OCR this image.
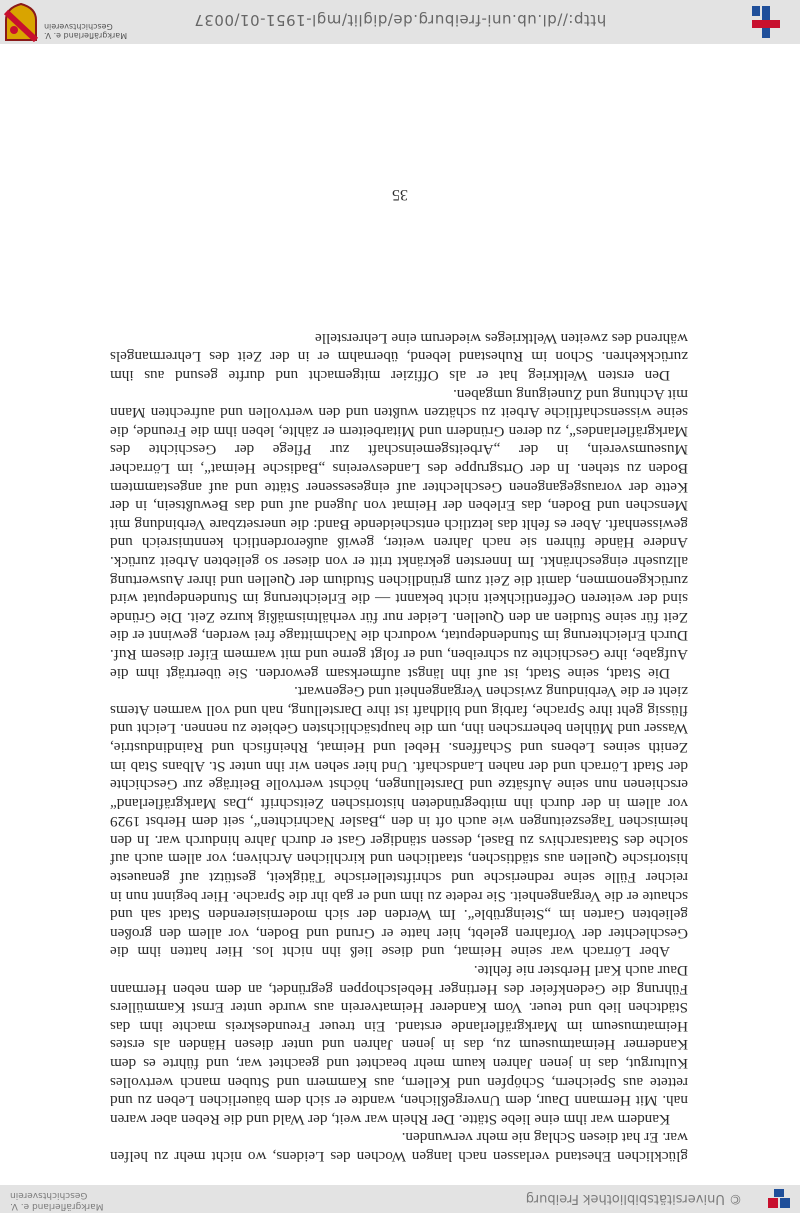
© Universitätsbibliothek Freiburg
Markgräflerland e. V.
Geschichtsverein

glücklichen Ehestand verlassen nach langen Wochen des Leidens, wo nicht mehr zu helfen war. Er hat diesen Schlag nie mehr verwunden.

Kandern war ihm eine liebe Stätte. Der Rhein war weit, der Wald und die Reben aber waren nah. Mit Hermann Daur, dem Unvergeßlichen, wandte er sich dem bäuerlichen Leben zu und rettete aus Speichern, Schöpfen und Kellern, aus Kammern und Stuben manch wertvolles Kulturgut, das in jenen Jahren kaum mehr beachtet und geachtet war, und führte es dem Kanderner Heimatmuseum zu, das in jenen Jahren und unter diesen Händen als erstes Heimatmuseum im Markgräflerlande erstand. Ein treuer Freundeskreis machte ihm das Städtchen lieb und teuer. Vom Kanderer Heimatverein aus wurde unter Ernst Kammüllers Führung die Gedenkfeier des Hertinger Hebelschoppen gegründet, an dem neben Hermann Daur auch Karl Herbster nie fehlte.

Aber Lörrach war seine Heimat, und diese ließ ihn nicht los. Hier hatten ihm die Geschlechter der Vorfahren gelebt, hier hatte er Grund und Boden, vor allem den großen geliebten Garten im „Steingrüble“. Im Werden der sich modernisierenden Stadt sah und schaute er die Vergangenheit. Sie redete zu ihm und er gab ihr die Sprache. Hier beginnt nun in reicher Fülle seine rednerische und schriftstellerische Tätigkeit, gestützt auf genaueste historische Quellen aus städtischen, staatlichen und kirchlichen Archiven; vor allem auch auf solche des Staatsarchivs zu Basel, dessen ständiger Gast er durch Jahre hindurch war. In den heimischen Tageszeitungen wie auch oft in den „Basler Nachrichten“, seit dem Herbst 1929 vor allem in der durch ihn mitbegründeten historischen Zeitschrift „Das Markgräflerland“ erschienen nun seine Aufsätze und Darstellungen, höchst wertvolle Beiträge zur Geschichte der Stadt Lörrach und der nahen Landschaft. Und hier sehen wir ihn unter St. Albans Stab im Zenith seines Lebens und Schaffens. Hebel und Heimat, Rheinfisch und Raindindustrie, Wasser und Mühlen beherrschen ihn, um die hauptsächlichsten Gebiete zu nennen. Leicht und flüssig geht ihre Sprache, farbig und bildhaft ist ihre Darstellung, nah und voll warmen Atems zieht er die Verbindung zwischen Vergangenheit und Gegenwart.

Die Stadt, seine Stadt, ist auf ihn längst aufmerksam geworden. Sie überträgt ihm die Aufgabe, ihre Geschichte zu schreiben, und er folgt gerne und mit warmem Eifer diesem Ruf. Durch Erleichterung im Stundendeputat, wodurch die Nachmittage frei werden, gewinnt er die Zeit für seine Studien an den Quellen. Leider nur für verhältnismäßig kurze Zeit. Die Gründe sind der weiteren Oeffentlichkeit nicht bekannt — die Erleichterung im Stundendeputat wird zurückgenommen, damit die Zeit zum gründlichen Studium der Quellen und ihrer Auswertung allzusehr eingeschränkt. Im Innersten gekränkt tritt er von dieser so geliebten Arbeit zurück. Andere Hände führen sie nach Jahren weiter, gewiß außerordentlich kenntnisreich und gewissenhaft. Aber es fehlt das letztlich entscheidende Band: die unersetzbare Verbindung mit Menschen und Boden, das Erleben der Heimat von Jugend auf und das Bewußtsein, in der Kette der vorausgegangenen Geschlechter auf eingesessener Stätte und auf angestammtem Boden zu stehen. In der Ortsgruppe des Landesvereins „Badische Heimat“, im Lörracher Museumsverein, in der „Arbeitsgemeinschaft zur Pflege der Geschichte des Markgräflerlandes“, zu deren Gründern und Mitarbeitern er zählte, leben ihm die Freunde, die seine wissenschaftliche Arbeit zu schätzen wußten und den wertvollen und aufrechten Mann mit Achtung und Zuneigung umgaben.

Den ersten Weltkrieg hat er als Offizier mitgemacht und durfte gesund aus ihm zurückkehren. Schon im Ruhestand lebend, übernahm er in der Zeit des Lehrermangels während des zweiten Weltkrieges wiederum eine Lehrerstelle

35
http://dl.ub.uni-freiburg.de/diglit/mgl-1951-01/0037
Markgräflerland e. V.
Geschichtsverein
